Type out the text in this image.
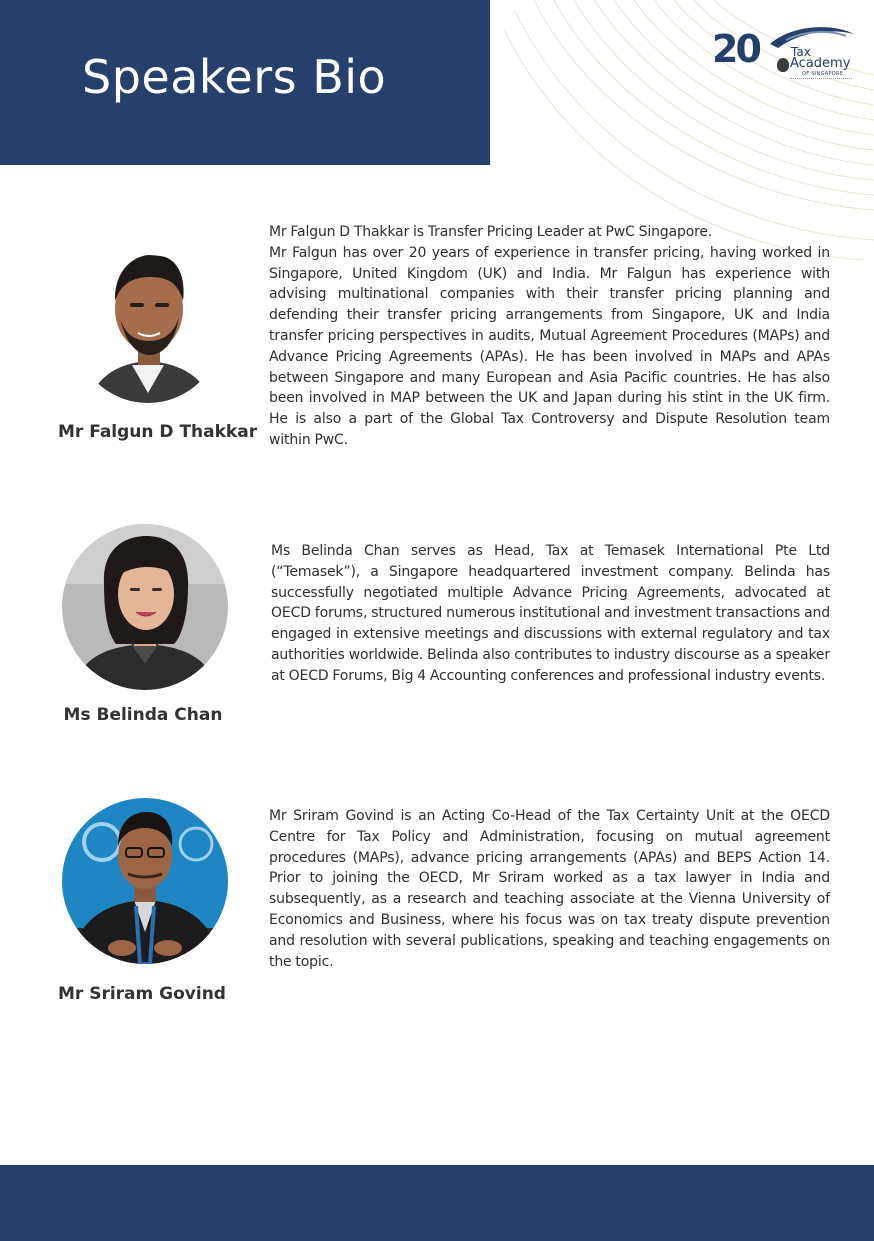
Speakers Bio
20	Tax
Academy
OF SINGAPORE
Mr Falgun D Thakkar

Mr Falgun D Thakkar is Transfer Pricing Leader at PwC Singapore.
Mr Falgun has over 20 years of experience in transfer pricing, having worked in Singapore, United Kingdom (UK) and India. Mr Falgun has experience with advising multinational companies with their transfer pricing planning and defending their transfer pricing arrangements from Singapore, UK and India transfer pricing perspectives in audits, Mutual Agreement Procedures (MAPs) and Advance Pricing Agreements (APAs). He has been involved in MAPs and APAs between Singapore and many European and Asia Pacific countries. He has also been involved in MAP between the UK and Japan during his stint in the UK firm. He is also a part of the Global Tax Controversy and Dispute Resolution team within PwC.

Ms Belinda Chan

Ms Belinda Chan serves as Head, Tax at Temasek International Pte Ltd (“Temasek”), a Singapore headquartered investment company. Belinda has successfully negotiated multiple Advance Pricing Agreements, advocated at OECD forums, structured numerous institutional and investment transactions and engaged in extensive meetings and discussions with external regulatory and tax authorities worldwide. Belinda also contributes to industry discourse as a speaker at OECD Forums, Big 4 Accounting conferences and professional industry events.

Mr Sriram Govind

Mr Sriram Govind is an Acting Co-Head of the Tax Certainty Unit at the OECD Centre for Tax Policy and Administration, focusing on mutual agreement procedures (MAPs), advance pricing arrangements (APAs) and BEPS Action 14. Prior to joining the OECD, Mr Sriram worked as a tax lawyer in India and subsequently, as a research and teaching associate at the Vienna University of Economics and Business, where his focus was on tax treaty dispute prevention and resolution with several publications, speaking and teaching engagements on the topic.
